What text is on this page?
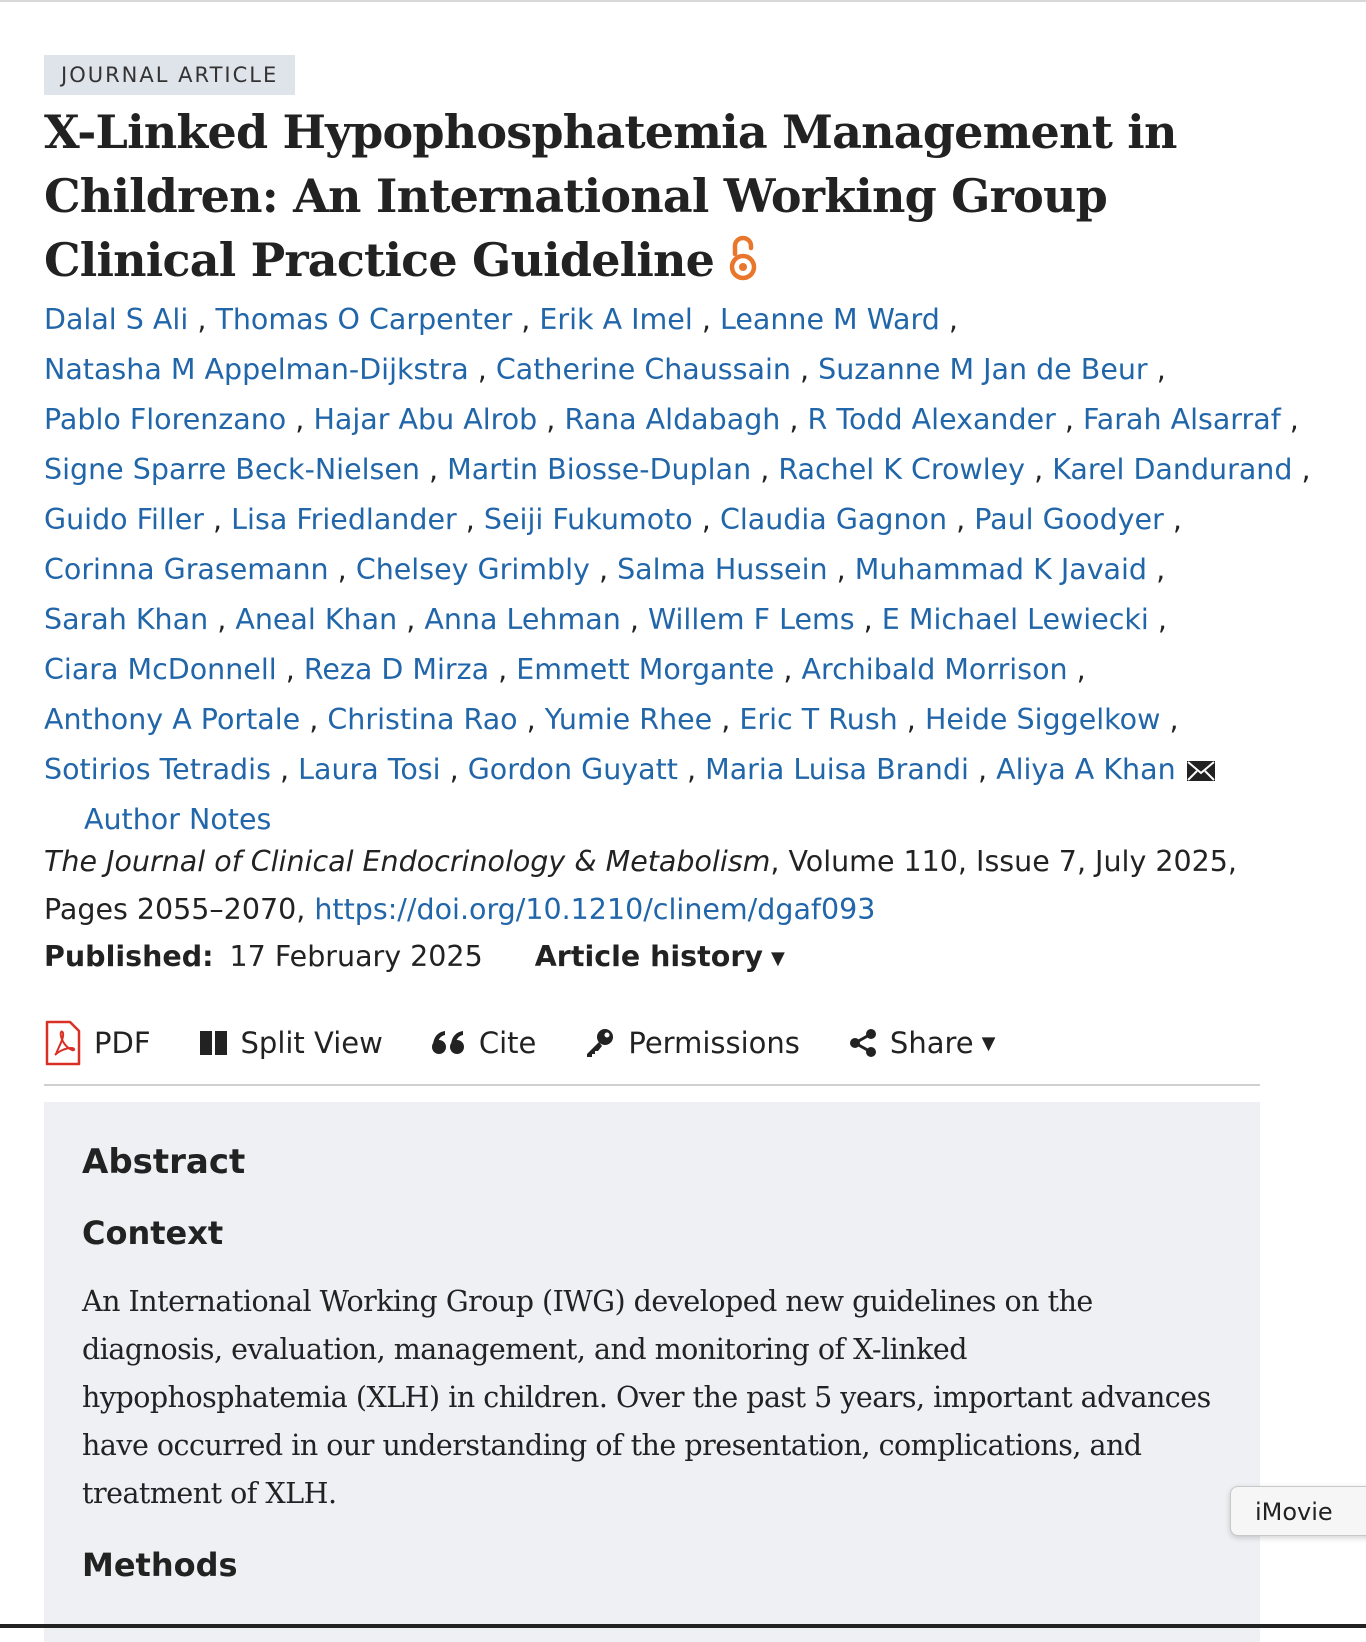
JOURNAL ARTICLE
X-Linked Hypophosphatemia Management in Children: An International Working Group Clinical Practice Guideline
Dalal S Ali , Thomas O Carpenter , Erik A Imel , Leanne M Ward ,
Natasha M Appelman-Dijkstra , Catherine Chaussain , Suzanne M Jan de Beur ,
Pablo Florenzano , Hajar Abu Alrob , Rana Aldabagh , R Todd Alexander , Farah Alsarraf ,
Signe Sparre Beck-Nielsen , Martin Biosse-Duplan , Rachel K Crowley , Karel Dandurand ,
Guido Filler , Lisa Friedlander , Seiji Fukumoto , Claudia Gagnon , Paul Goodyer ,
Corinna Grasemann , Chelsey Grimbly , Salma Hussein , Muhammad K Javaid ,
Sarah Khan , Aneal Khan , Anna Lehman , Willem F Lems , E Michael Lewiecki ,
Ciara McDonnell , Reza D Mirza , Emmett Morgante , Archibald Morrison ,
Anthony A Portale , Christina Rao , Yumie Rhee , Eric T Rush , Heide Siggelkow ,
Sotirios Tetradis , Laura Tosi , Gordon Guyatt , Maria Luisa Brandi , Aliya A Khan
Author Notes
The Journal of Clinical Endocrinology & Metabolism, Volume 110, Issue 7, July 2025, Pages 2055–2070, https://doi.org/10.1210/clinem/dgaf093
Published: 17 February 2025 Article history ▼
PDF	Split View	Cite	Permissions	Share ▼
Abstract
Context

An International Working Group (IWG) developed new guidelines on the diagnosis, evaluation, management, and monitoring of X-linked hypophosphatemia (XLH) in children. Over the past 5 years, important advances have occurred in our understanding of the presentation, complications, and treatment of XLH.

Methods
iMovie
